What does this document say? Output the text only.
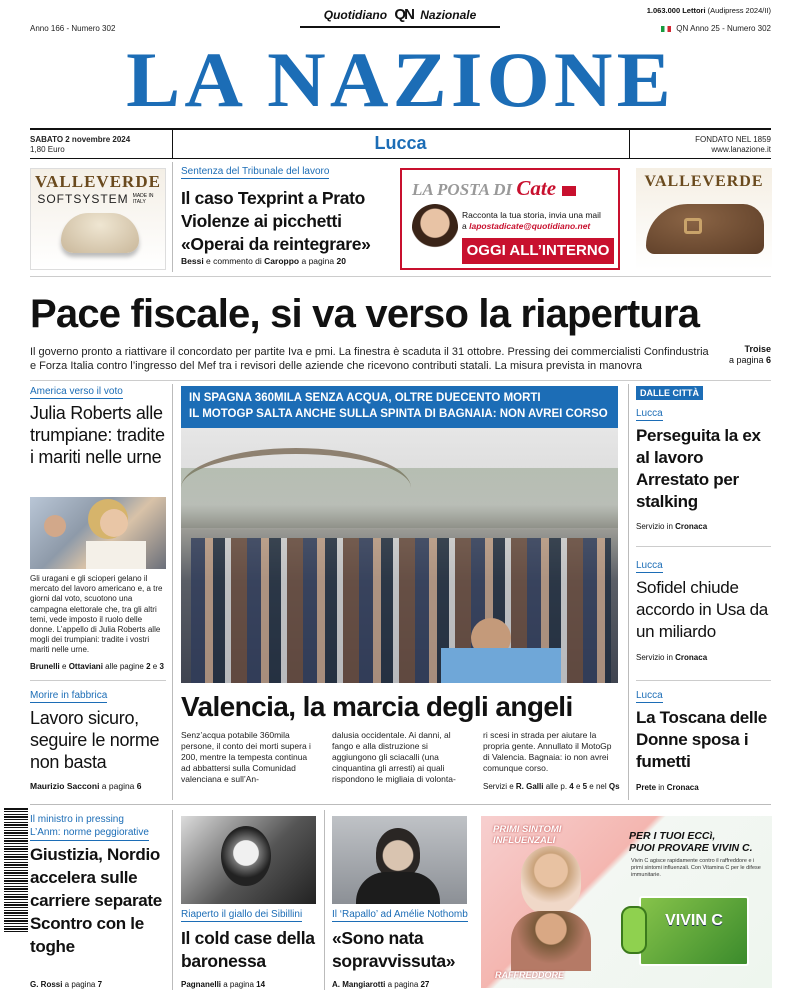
Quotidiano QN Nazionale	1.063.000 Lettori (Audipress 2024/II)
Anno 166 - Numero 302	QN Anno 25 - Numero 302
LA NAZIONE
SABATO 2 novembre 2024
1,80 Euro	Lucca	FONDATO NEL 1859
www.lanazione.it
VALLEVERDE
SOFTSYSTEM MADE IN ITALY
Sentenza del Tribunale del lavoro
Il caso Texprint a Prato
Violenze ai picchetti
«Operai da reintegrare»
Bessi e commento di Caroppo a pagina 20
LA POSTA DI Cate
Racconta la tua storia, invia una mail
a lapostadicate@quotidiano.net
OGGI ALL’INTERNO
VALLEVERDE
Pace fiscale, si va verso la riapertura
Il governo pronto a riattivare il concordato per partite Iva e pmi. La finestra è scaduta il 31 ottobre. Pressing dei commercialisti Confindustria e Forza Italia contro l’ingresso del Mef tra i revisori delle aziende che ricevono contributi statali. La misura prevista in manovra
Troise
a pagina 6
America verso il voto
Julia Roberts alle trumpiane: tradite i mariti nelle urne
Gli uragani e gli scioperi gelano il mercato del lavoro americano e, a tre giorni dal voto, scuotono una campagna elettorale che, tra gli altri temi, vede imposto il ruolo delle donne. L’appello di Julia Roberts alle mogli dei trumpiani: tradite i vostri mariti nelle urne.
Brunelli e Ottaviani alle pagine 2 e 3
Morire in fabbrica
Lavoro sicuro, seguire le norme non basta
Maurizio Sacconi a pagina 6
IN SPAGNA 360MILA SENZA ACQUA, OLTRE DUECENTO MORTI
IL MOTOGP SALTA ANCHE SULLA SPINTA DI BAGNAIA: NON AVREI CORSO
Valencia, la marcia degli angeli
Senz’acqua potabile 360mila persone, il conto dei morti supera i 200, mentre la tempesta continua ad abbattersi sulla Comunidad valenciana e sull’An-
dalusia occidentale. Ai danni, al fango e alla distruzione si aggiungono gli sciacalli (una cinquantina gli arresti) ai quali rispondono le migliaia di volonta-
ri scesi in strada per aiutare la propria gente. Annullato il MotoGp di Valencia. Bagnaia: io non avrei comunque corso.
Servizi e R. Galli alle p. 4 e 5 e nel Qs
DALLE CITTÀ
Lucca
Perseguita la ex al lavoro Arrestato per stalking
Servizio in Cronaca
Lucca
Sofidel chiude accordo in Usa da un miliardo
Servizio in Cronaca
Lucca
La Toscana delle Donne sposa i fumetti
Prete in Cronaca
Il ministro in pressing
L’Anm: norme peggiorative
Giustizia, Nordio accelera sulle carriere separate Scontro con le toghe
G. Rossi a pagina 7
Riaperto il giallo dei Sibillini
Il cold case della baronessa
Pagnanelli a pagina 14
Il ‘Rapallo’ ad Amélie Nothomb
«Sono nata sopravvissuta»
A. Mangiarotti a pagina 27
PRIMI SINTOMI
INFLUENZALI
RAFFREDDORE
PER I TUOI ECCì,
PUOI PROVARE VIVIN C.
Vivin C agisce rapidamente contro il raffreddore e i primi sintomi influenzali. Con Vitamina C per le difese immunitarie.
VIVIN C
